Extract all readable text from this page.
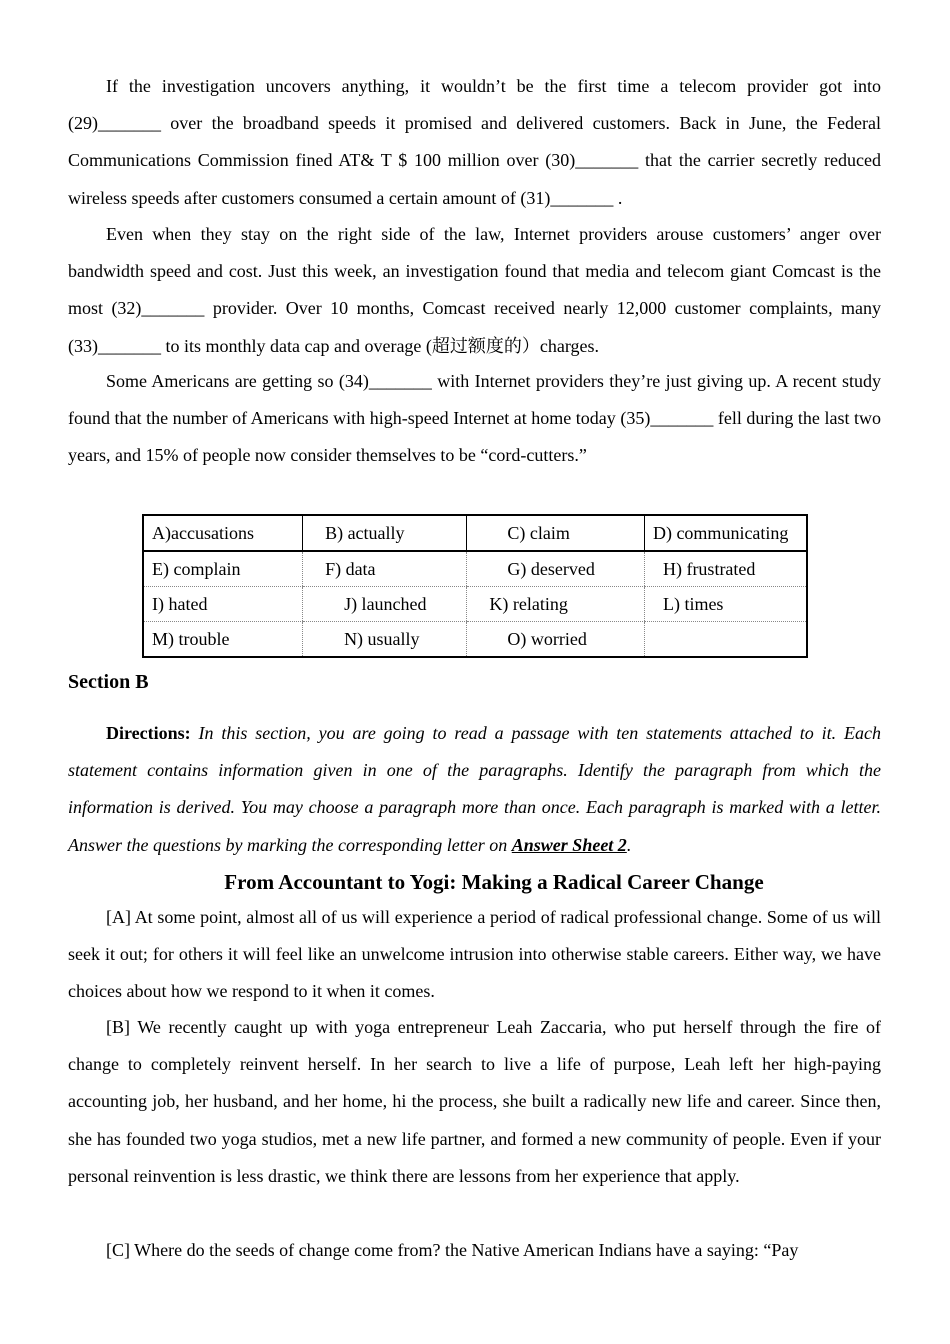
If the investigation uncovers anything, it wouldn’t be the first time a telecom provider got into (29)_______ over the broadband speeds it promised and delivered customers. Back in June, the Federal Communications Commission fined AT& T $ 100 million over (30)_______ that the carrier secretly reduced wireless speeds after customers consumed a certain amount of (31)_______ .

Even when they stay on the right side of the law, Internet providers arouse customers’ anger over bandwidth speed and cost. Just this week, an investigation found that media and telecom giant Comcast is the most (32)_______ provider. Over 10 months, Comcast received nearly 12,000 customer complaints, many (33)_______ to its monthly data cap and overage (超过额度的）charges.

Some Americans are getting so (34)_______ with Internet providers they’re just giving up. A recent study found that the number of Americans with high-speed Internet at home today (35)_______ fell during the last two years, and 15% of people now consider themselves to be “cord-cutters.”

A)accusations	B) actually	C) claim	D) communicating
E) complain	F) data	G) deserved	H) frustrated
I) hated	J) launched	K) relating	L) times
M) trouble	N) usually	O) worried	
Section B

Directions: In this section, you are going to read a passage with ten statements attached to it. Each statement contains information given in one of the paragraphs. Identify the paragraph from which the information is derived. You may choose a paragraph more than once. Each paragraph is marked with a letter. Answer the questions by marking the corresponding letter on Answer Sheet 2.

From Accountant to Yogi: Making a Radical Career Change

[A] At some point, almost all of us will experience a period of radical professional change. Some of us will seek it out; for others it will feel like an unwelcome intrusion into otherwise stable careers. Either way, we have choices about how we respond to it when it comes.

[B] We recently caught up with yoga entrepreneur Leah Zaccaria, who put herself through the fire of change to completely reinvent herself. In her search to live a life of purpose, Leah left her high-paying accounting job, her husband, and her home, hi the process, she built a radically new life and career. Since then, she has founded two yoga studios, met a new life partner, and formed a new community of people. Even if your personal reinvention is less drastic, we think there are lessons from her experience that apply.

[C] Where do the seeds of change come from? the Native American Indians have a saying: “Pay
